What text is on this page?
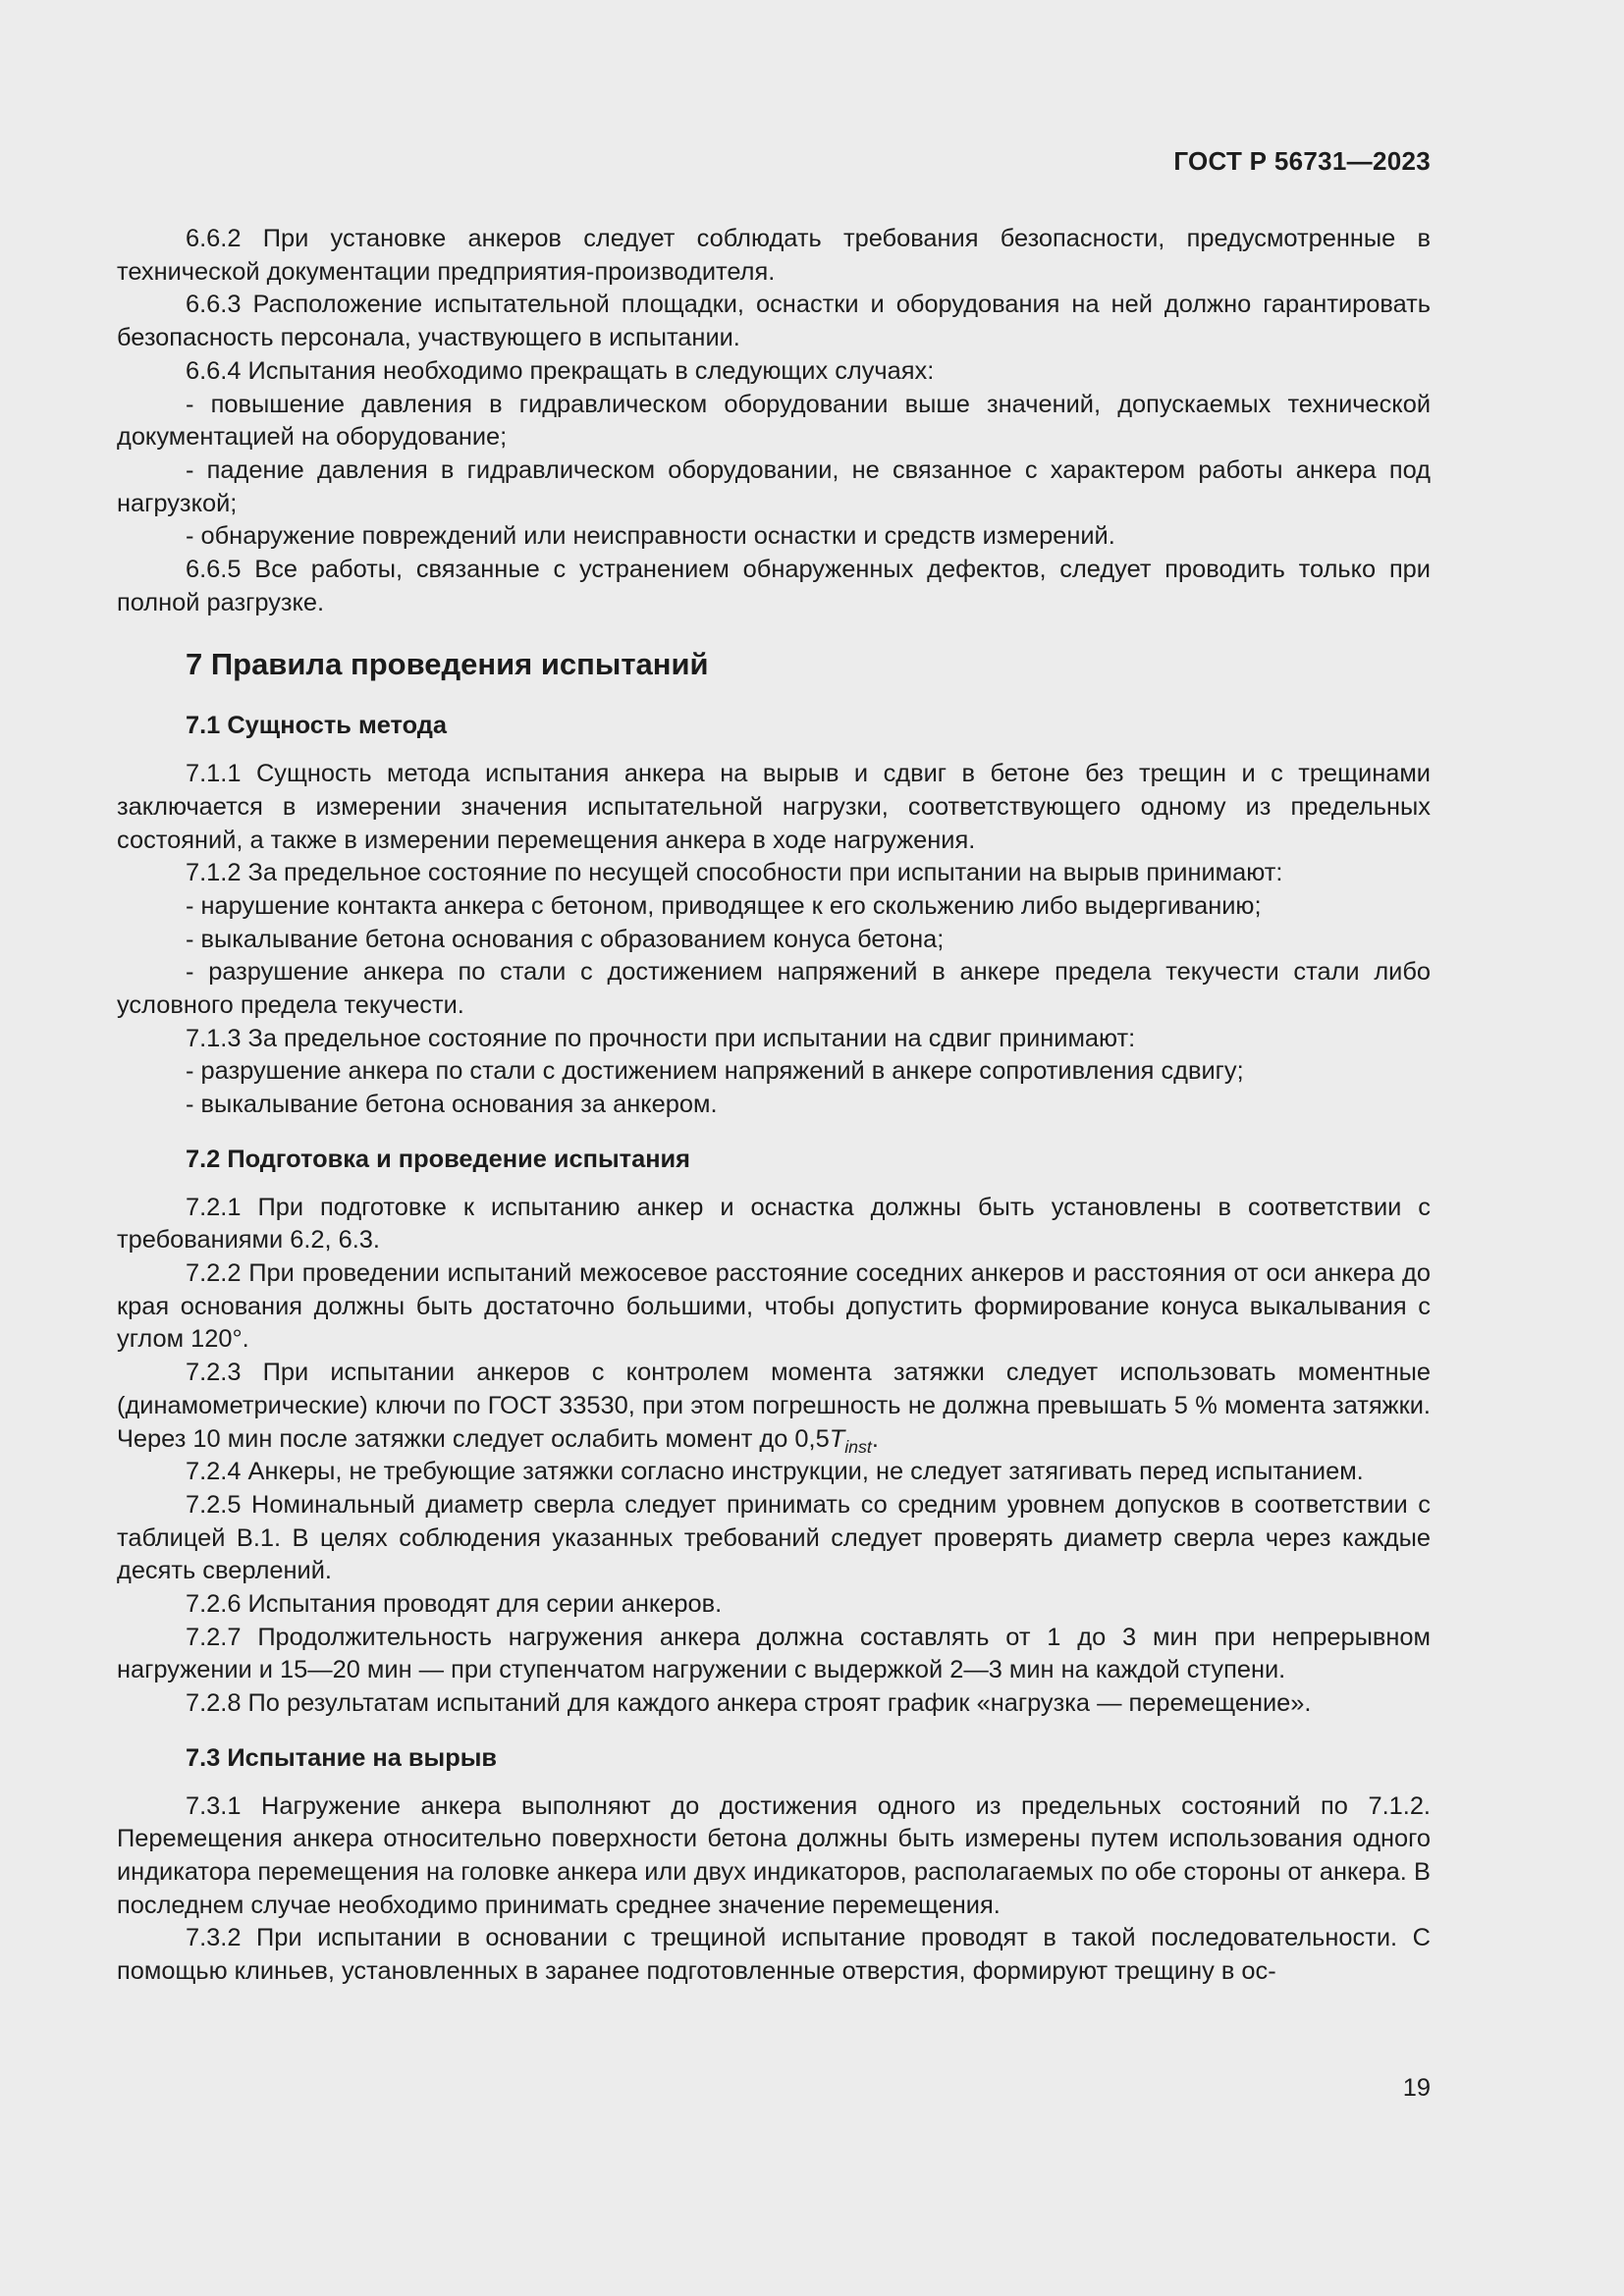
ГОСТ Р 56731—2023

6.6.2 При установке анкеров следует соблюдать требования безопасности, предусмотренные в технической документации предприятия-производителя.

6.6.3 Расположение испытательной площадки, оснастки и оборудования на ней должно гарантировать безопасность персонала, участвующего в испытании.

6.6.4 Испытания необходимо прекращать в следующих случаях:

- повышение давления в гидравлическом оборудовании выше значений, допускаемых технической документацией на оборудование;

- падение давления в гидравлическом оборудовании, не связанное с характером работы анкера под нагрузкой;

- обнаружение повреждений или неисправности оснастки и средств измерений.

6.6.5 Все работы, связанные с устранением обнаруженных дефектов, следует проводить только при полной разгрузке.

7 Правила проведения испытаний
7.1 Сущность метода

7.1.1 Сущность метода испытания анкера на вырыв и сдвиг в бетоне без трещин и с трещинами заключается в измерении значения испытательной нагрузки, соответствующего одному из предельных состояний, а также в измерении перемещения анкера в ходе нагружения.

7.1.2 За предельное состояние по несущей способности при испытании на вырыв принимают:

- нарушение контакта анкера с бетоном, приводящее к его скольжению либо выдергиванию;

- выкалывание бетона основания с образованием конуса бетона;

- разрушение анкера по стали с достижением напряжений в анкере предела текучести стали либо условного предела текучести.

7.1.3 За предельное состояние по прочности при испытании на сдвиг принимают:

- разрушение анкера по стали с достижением напряжений в анкере сопротивления сдвигу;

- выкалывание бетона основания за анкером.

7.2 Подготовка и проведение испытания

7.2.1 При подготовке к испытанию анкер и оснастка должны быть установлены в соответствии с требованиями 6.2, 6.3.

7.2.2 При проведении испытаний межосевое расстояние соседних анкеров и расстояния от оси анкера до края основания должны быть достаточно большими, чтобы допустить формирование конуса выкалывания с углом 120°.

7.2.3 При испытании анкеров с контролем момента затяжки следует использовать моментные (динамометрические) ключи по ГОСТ 33530, при этом погрешность не должна превышать 5 % момента затяжки. Через 10 мин после затяжки следует ослабить момент до $0,5T_{inst}$.

7.2.4 Анкеры, не требующие затяжки согласно инструкции, не следует затягивать перед испытанием.

7.2.5 Номинальный диаметр сверла следует принимать со средним уровнем допусков в соответствии с таблицей В.1. В целях соблюдения указанных требований следует проверять диаметр сверла через каждые десять сверлений.

7.2.6 Испытания проводят для серии анкеров.

7.2.7 Продолжительность нагружения анкера должна составлять от 1 до 3 мин при непрерывном нагружении и 15—20 мин — при ступенчатом нагружении с выдержкой 2—3 мин на каждой ступени.

7.2.8 По результатам испытаний для каждого анкера строят график «нагрузка — перемещение».

7.3 Испытание на вырыв

7.3.1 Нагружение анкера выполняют до достижения одного из предельных состояний по 7.1.2. Перемещения анкера относительно поверхности бетона должны быть измерены путем использования одного индикатора перемещения на головке анкера или двух индикаторов, располагаемых по обе стороны от анкера. В последнем случае необходимо принимать среднее значение перемещения.

7.3.2 При испытании в основании с трещиной испытание проводят в такой последовательности. С помощью клиньев, установленных в заранее подготовленные отверстия, формируют трещину в ос-

19
